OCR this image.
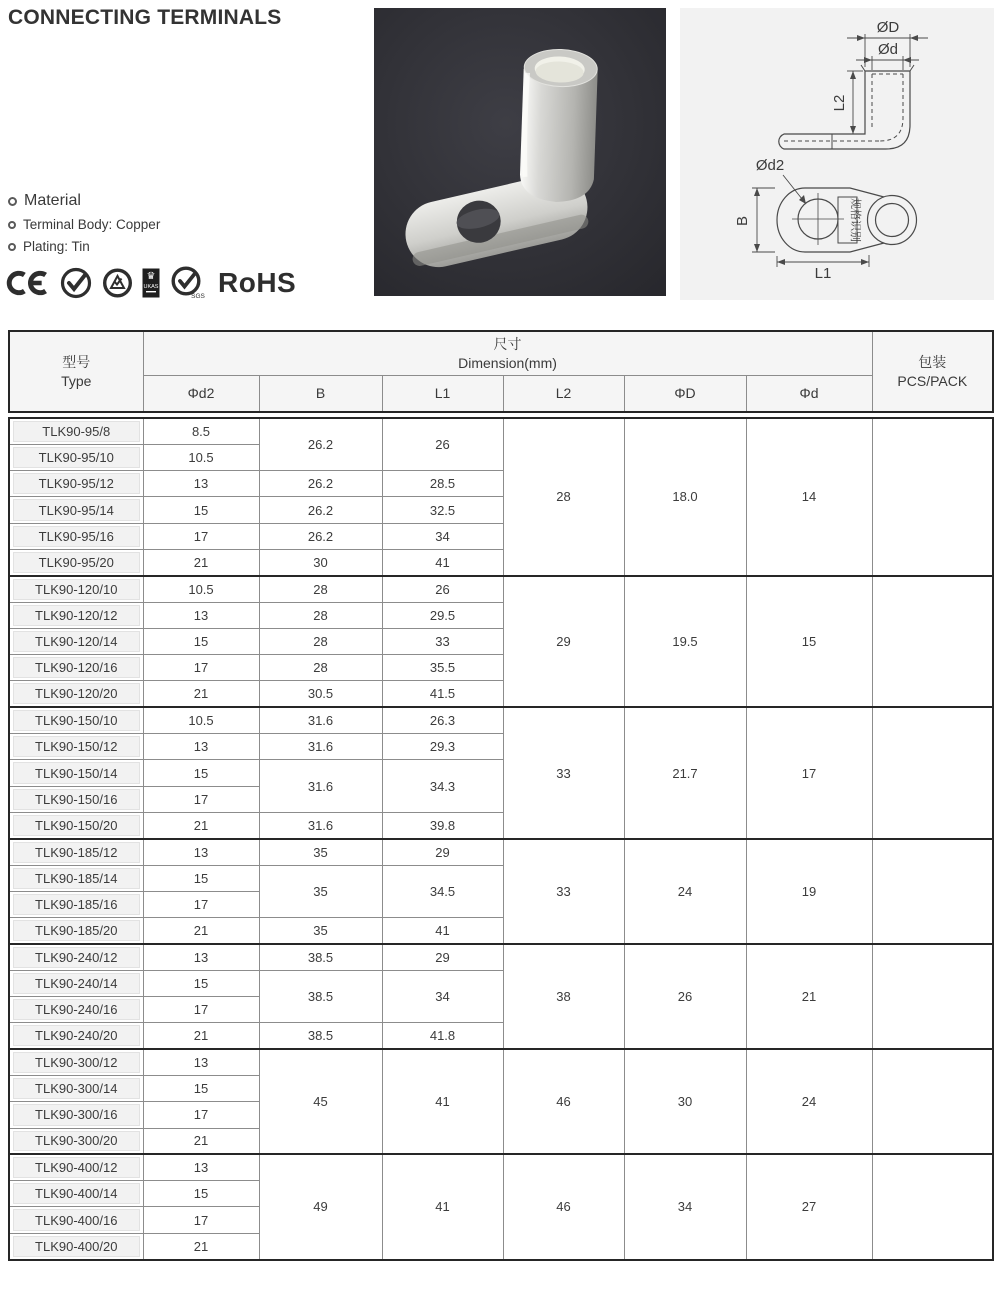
CONNECTING TERMINALS	ØD
Ød
L2
Ød2
B
L1
规格识别
Material
Terminal Body: Copper
Plating: Tin
♛
UKAS
SGS RoHS
型号
Type

尺寸
Dimension(mm)	包装
PCS/PACK

	Φd2	B	L1	L2	ΦD	Φd	
TLK90-95/8	8.5	26.2	26	28	18.0	14	

TLK90-95/10	10.5						

TLK90-95/12	13	26.2	28.5				

TLK90-95/14	15	26.2	32.5				

TLK90-95/16	17	26.2	34				

TLK90-95/20	21	30	41				

TLK90-120/10	10.5	28	26	29	19.5	15	

TLK90-120/12	13	28	29.5				

TLK90-120/14	15	28	33				

TLK90-120/16	17	28	35.5				

TLK90-120/20	21	30.5	41.5				

TLK90-150/10	10.5	31.6	26.3	33	21.7	17	

TLK90-150/12	13	31.6	29.3				

TLK90-150/14	15	31.6	34.3				

TLK90-150/16	17						

TLK90-150/20	21	31.6	39.8				

TLK90-185/12	13	35	29	33	24	19	

TLK90-185/14	15	35	34.5				

TLK90-185/16	17						

TLK90-185/20	21	35	41				

TLK90-240/12	13	38.5	29	38	26	21	

TLK90-240/14	15	38.5	34				

TLK90-240/16	17						

TLK90-240/20	21	38.5	41.8				

TLK90-300/12	13	45	41	46	30	24	

TLK90-300/14	15						

TLK90-300/16	17						

TLK90-300/20	21						

TLK90-400/12	13	49	41	46	34	27	

TLK90-400/14	15						

TLK90-400/16	17						

TLK90-400/20	21						
